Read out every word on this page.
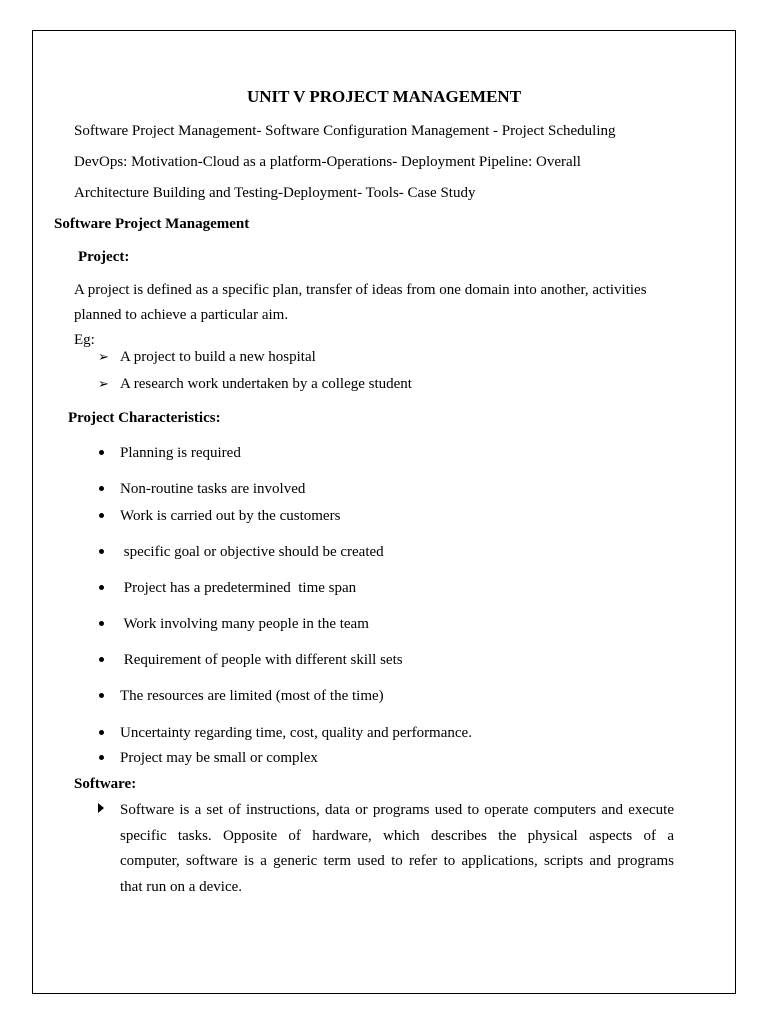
UNIT V PROJECT MANAGEMENT
Software Project Management- Software Configuration Management - Project Scheduling
DevOps: Motivation-Cloud as a platform-Operations- Deployment Pipeline: Overall
Architecture Building and Testing-Deployment- Tools- Case Study
Software Project Management
Project:
A project is defined as a specific plan, transfer of ideas from one domain into another, activities
planned to achieve a particular aim.
Eg:
➢ A project to build a new hospital
➢ A research work undertaken by a college student
Project Characteristics:
Planning is required
Non-routine tasks are involved
Work is carried out by the customers
specific goal or objective should be created
Project has a predetermined  time span
Work involving many people in the team
Requirement of people with different skill sets
The resources are limited (most of the time)
Uncertainty regarding time, cost, quality and performance.
Project may be small or complex
Software:
Software is a set of instructions, data or programs used to operate computers and execute
specific tasks. Opposite of hardware, which describes the physical aspects of a
computer, software is a generic term used to refer to applications, scripts and programs
that run on a device.
